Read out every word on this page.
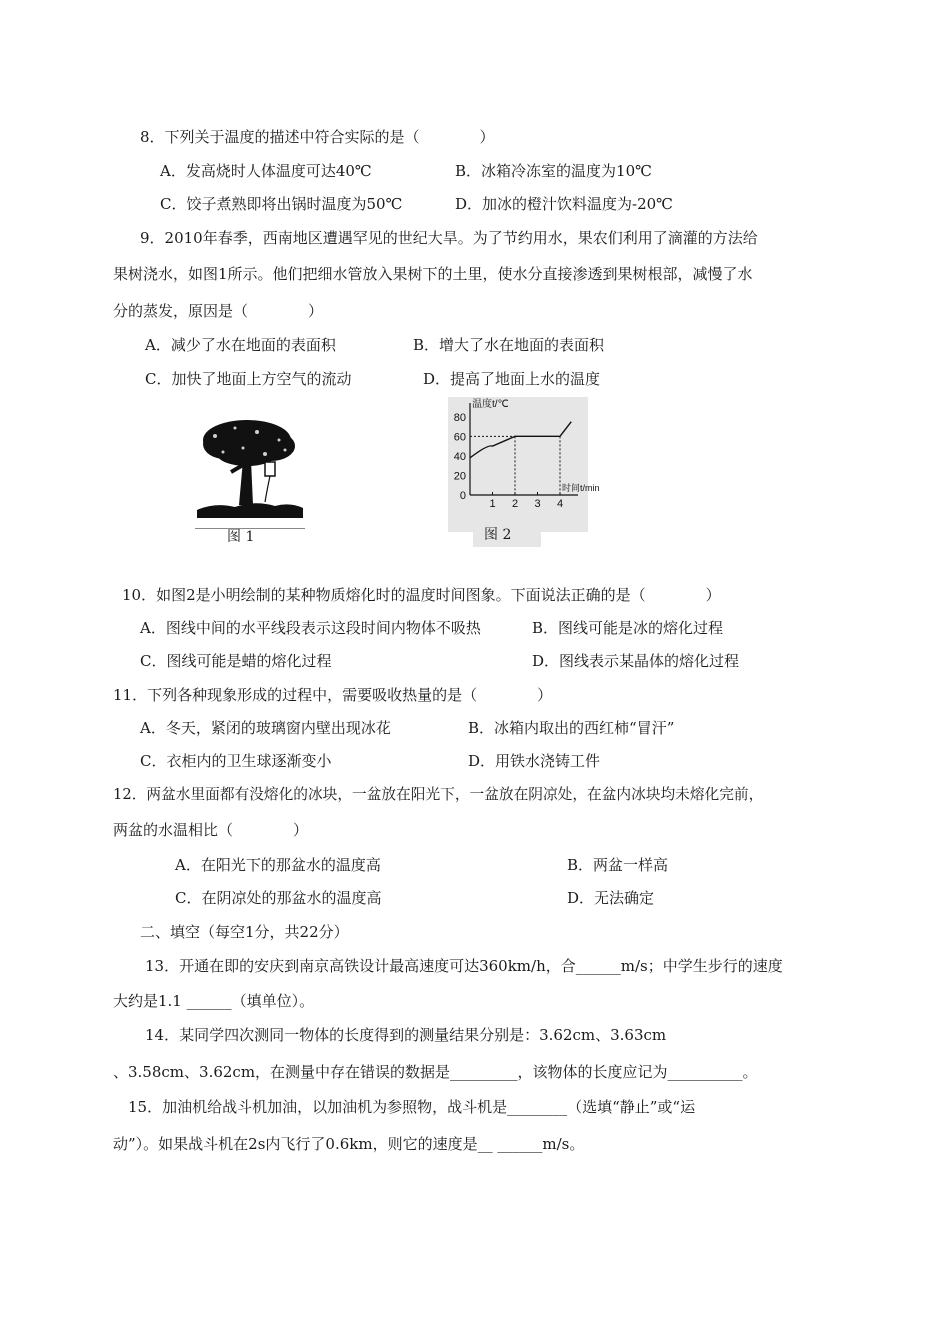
8．下列关于温度的描述中符合实际的是（　　　　）
A．发高烧时人体温度可达40℃	B．冰箱冷冻室的温度为10℃
C．饺子煮熟即将出锅时温度为50℃	D．加冰的橙汁饮料温度为-20℃
9．2010年春季，西南地区遭遇罕见的世纪大旱。为了节约用水，果农们利用了滴灌的方法给
果树浇水，如图1所示。他们把细水管放入果树下的土里，使水分直接渗透到果树根部，减慢了水
分的蒸发，原因是（　　　　）
A．减少了水在地面的表面积	B．增大了水在地面的表面积
C．加快了地面上方空气的流动	D．提高了地面上水的温度
图 1
80
60
40
20
0
1 2 3 4
温度t/℃
时间t/min
图 2
10．如图2是小明绘制的某种物质熔化时的温度时间图象。下面说法正确的是（　　　　）
A．图线中间的水平线段表示这段时间内物体不吸热	B．图线可能是冰的熔化过程
C．图线可能是蜡的熔化过程	D．图线表示某晶体的熔化过程
11．下列各种现象形成的过程中，需要吸收热量的是（　　　　）
A．冬天，紧闭的玻璃窗内壁出现冰花	B．冰箱内取出的西红柿“冒汗”
C．衣柜内的卫生球逐渐变小	D．用铁水浇铸工件
12．两盆水里面都有没熔化的冰块，一盆放在阳光下，一盆放在阴凉处，在盆内冰块均未熔化完前，
两盆的水温相比（　　　　）
A．在阳光下的那盆水的温度高	B．两盆一样高
C．在阴凉处的那盆水的温度高	D．无法确定
二、填空（每空1分，共22分）
13．开通在即的安庆到南京高铁设计最高速度可达360km/h，合______m/s；中学生步行的速度
大约是1.1 ______（填单位）。
14．某同学四次测同一物体的长度得到的测量结果分别是：3.62cm、3.63cm
、3.58cm、3.62cm，在测量中存在错误的数据是_________，该物体的长度应记为__________。
15．加油机给战斗机加油，以加油机为参照物，战斗机是________（选填“静止”或“运
动”）。如果战斗机在2s内飞行了0.6km，则它的速度是__ ______m/s。
